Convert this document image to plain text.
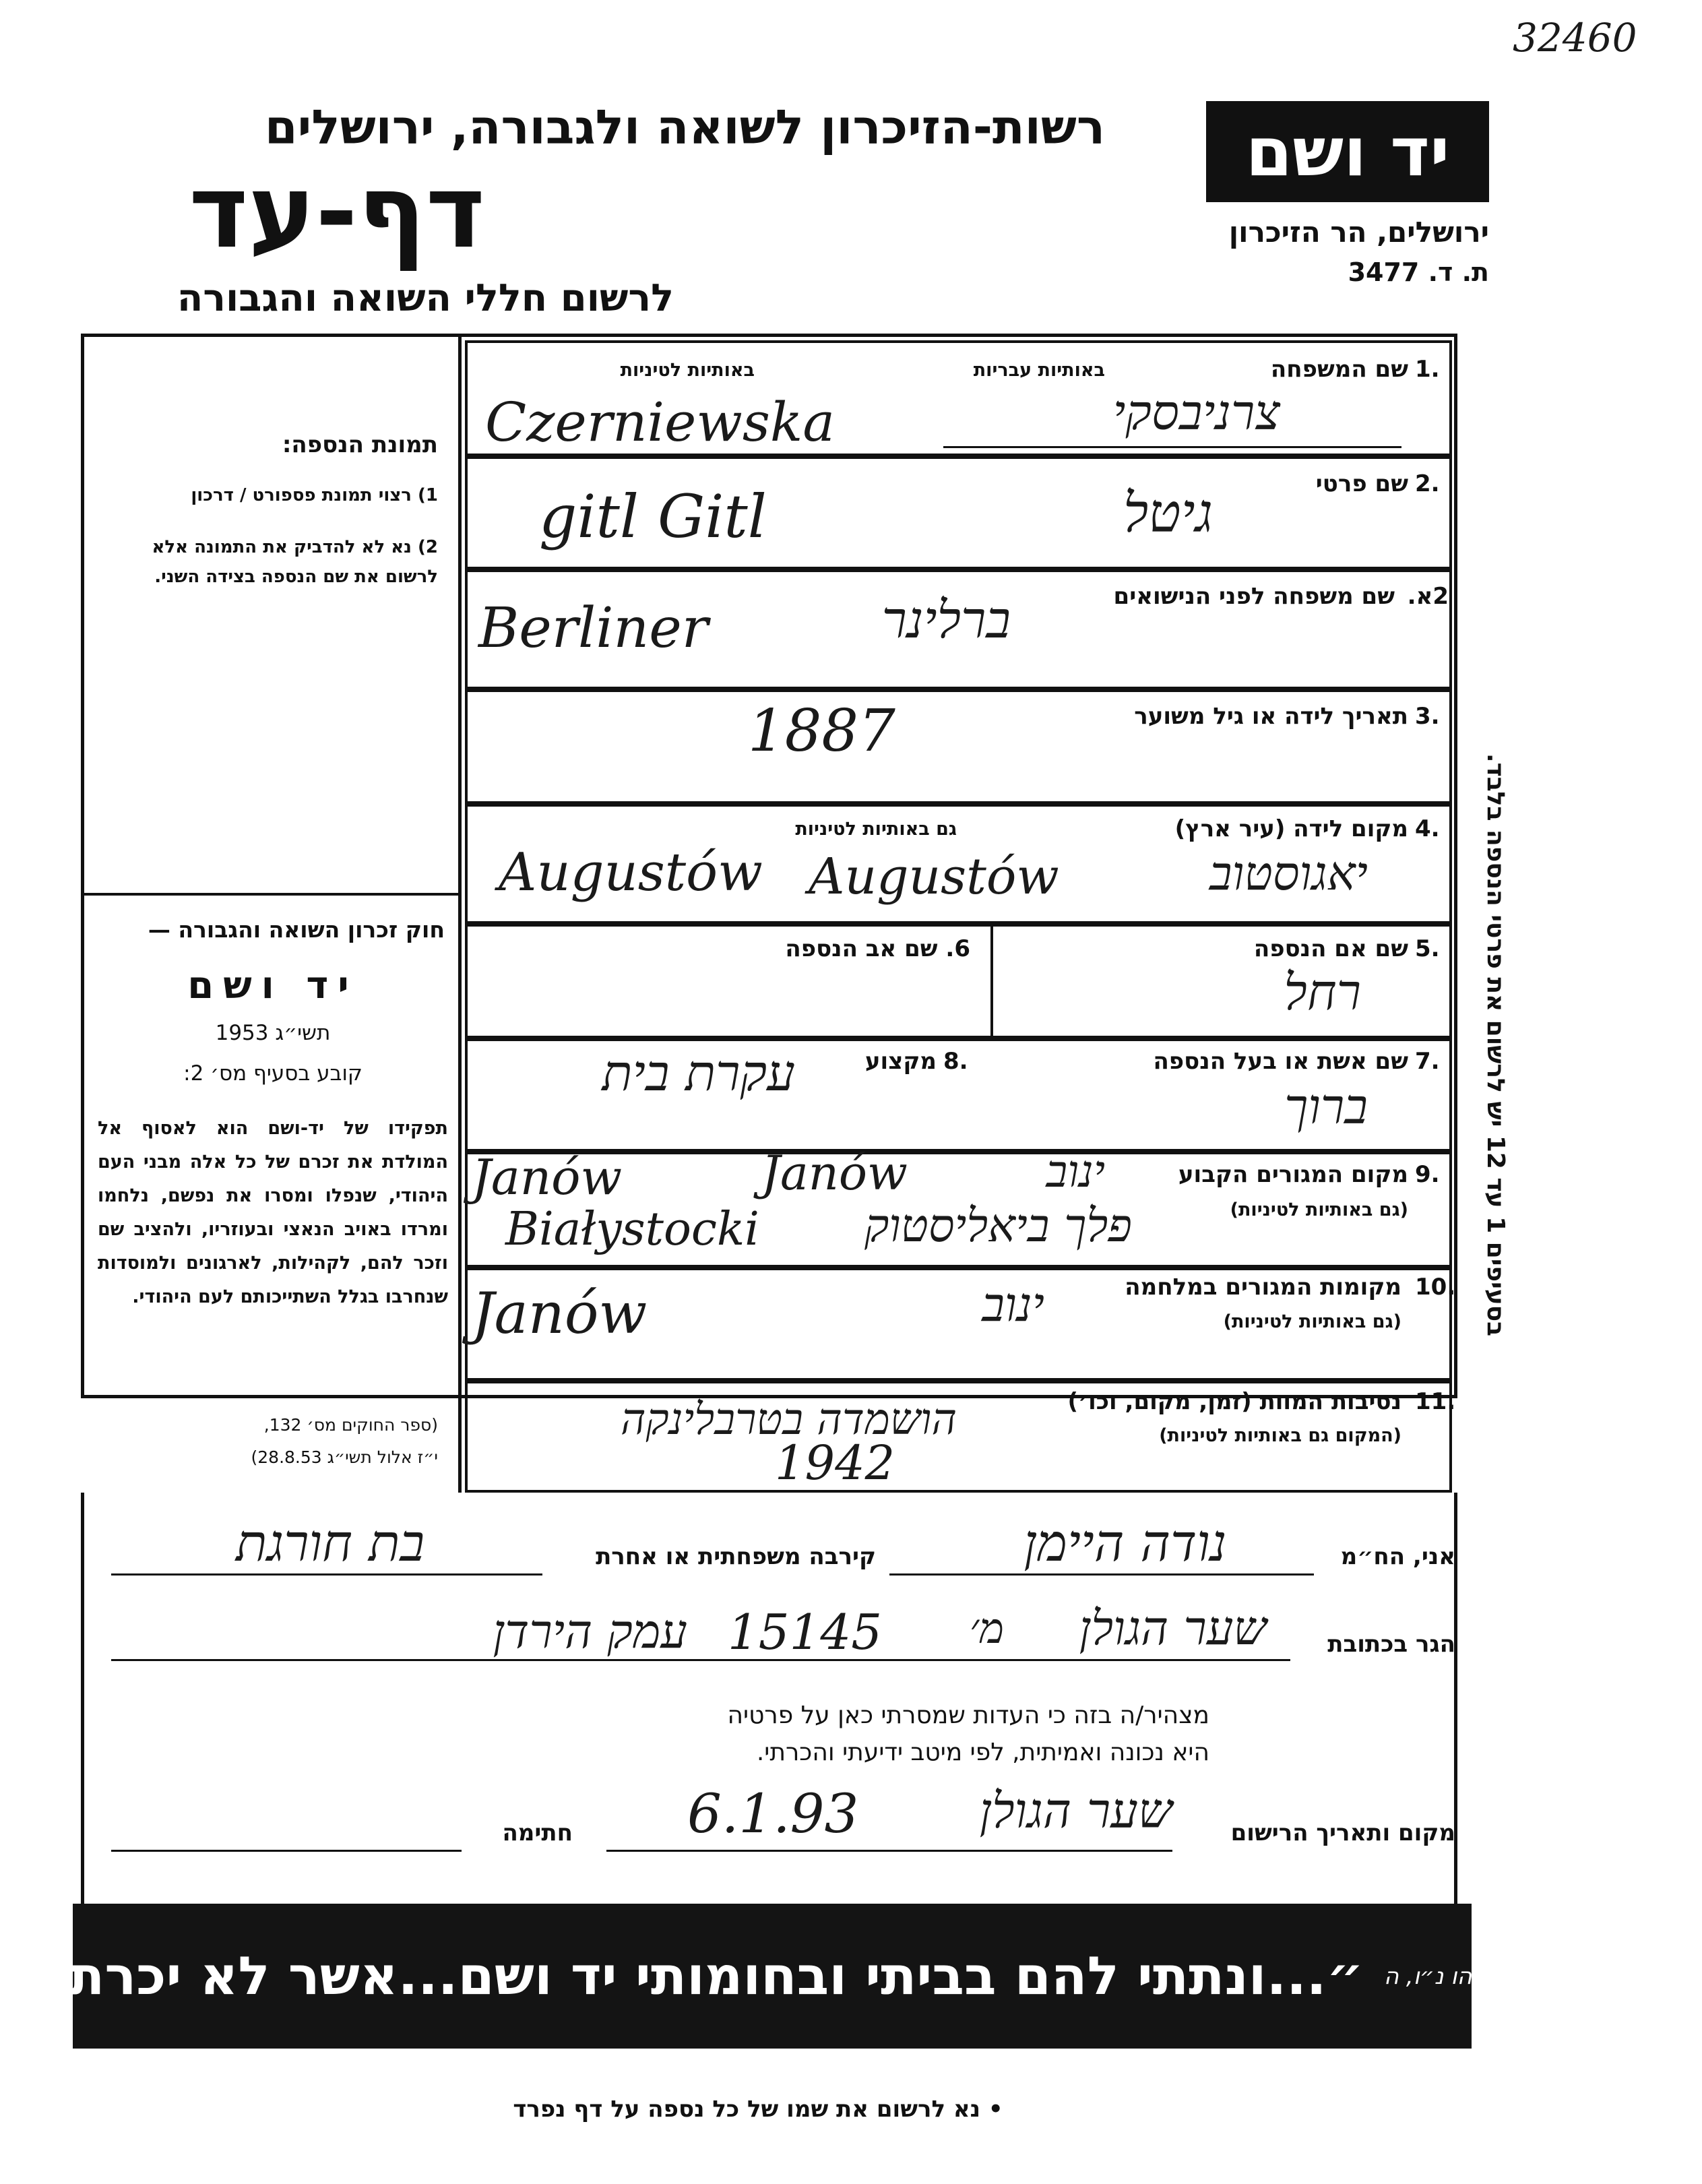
32460
יד ושם
ירושלים, הר הזיכרון
ת. ד. 3477
רשות-הזיכרון לשואה ולגבורה, ירושלים
דף-עד
לרשום חללי השואה והגבורה
בסעיפים 1 עד 12 יש לרשום את פרטי הנספה בלבד.
תמונת הנספה:
1) רצוי תמונת פספורט / דרכון
2) נא לא להדביק את התמונה אלא לרשום את שם הנספה בצידה השני.
חוק זכרון השואה והגבורה —
יד ושם
תשי״ג 1953
קובע בסעיף מס׳ 2:
תפקידו של יד-ושם הוא לאסוף אל המולדת את זכרם של כל אלה מבני העם היהודי, שנפלו ומסרו את נפשם, נלחמו ומרדו באויב הנאצי ובעוזריו, ולהציב שם וזכר להם, לקהילות, לארגונים ולמוסדות שנחרבו בגלל השתייכותם לעם היהודי.
(ספר החוקים מס׳ 132,
י״ז אלול תשי״ג 28.8.53)
1.
שם המשפחה
באותיות עבריות
באותיות לטיניות
Czerniewska	צרניבסקי
2.
שם פרטי
gitl Gitl	גיטל
2א.
שם משפחה לפני הנישואים
Berliner	ברלינר
3.
תאריך לידה או גיל משוער
1887
4.
מקום לידה (עיר ארץ)
גם באותיות לטיניות
Augustów Augustów	יאגוסטוב
5.
שם אם הנספה
רחל
6. שם אב הנספה
7.
שם אשת או בעל הנספה
ברוך
8.
מקצוע
עקרת בית
9.
מקום המגורים הקבוע
(גם באותיות לטיניות)
Janów	Janów
Białystocki
ינוב
פלך ביאליסטוק
10.
מקומות המגורים במלחמה
(גם באותיות לטיניות)
Janów	ינוב
11.
נסיבות המוות (זמן, מקום, וכו׳)
(המקום גם באותיות לטיניות)
הושמדה בטרבלינקה
1942
אני, הח״מ
נודה היימן
קירבה משפחתית או אחרת
בת חורגת
הגר בכתובת
שער הגולן
מ׳
15145
עמק הירדן
מצהיר/ה בזה כי העדות שמסרתי כאן על פרטיה
היא נכונה ואמיתית, לפי מיטב ידיעתי והכרתי.
מקום ותאריך הרישום
שער הגולן
6.1.93
חתימה
ישעיהו נ״ו, ה
״...ונתתי להם בביתי ובחומותי יד ושם...אשר לא יכרת״
• נא לרשום את שמו של כל נספה על דף נפרד
